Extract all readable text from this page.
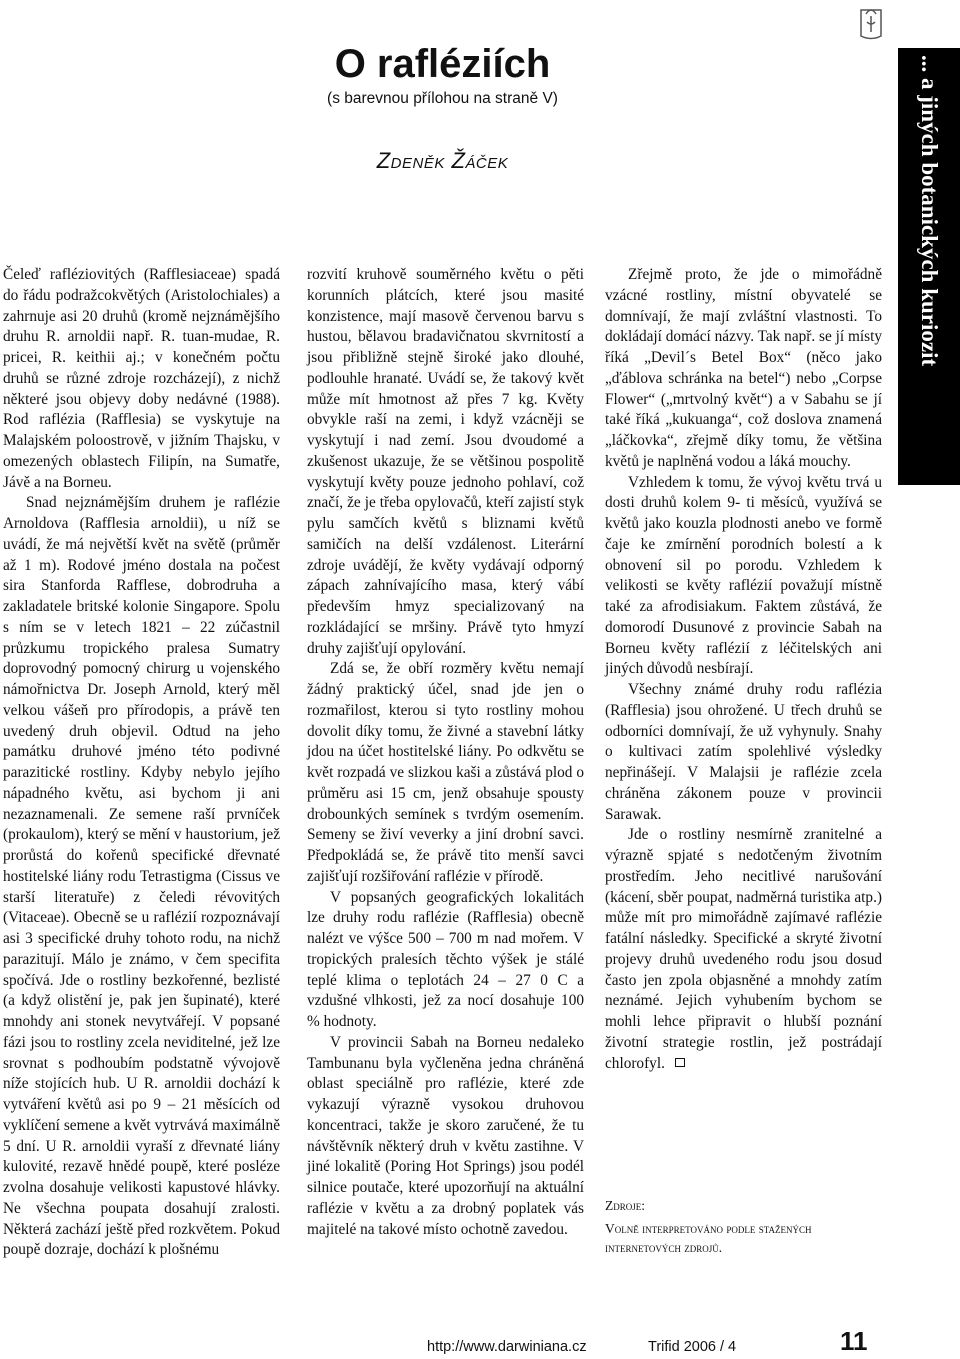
O rafléziích
(s barevnou přílohou na straně V)
Zdeněk Žáček	... a jiných botanických kuriozit

Čeleď rafléziovitých (Rafflesiaceae) spadá do řádu podražcokvětých (Aristolochiales) a zahrnuje asi 20 druhů (kromě nejznámějšího druhu R. arnoldii např. R. tuan-mudae, R. pricei, R. keithii aj.; v konečném počtu druhů se různé zdroje rozcházejí), z nichž některé jsou objevy doby nedávné (1988). Rod raflézia (Rafflesia) se vyskytuje na Malajském poloostrově, v jižním Thajsku, v omezených oblastech Filipín, na Sumatře, Jávě a na Borneu.

Snad nejznámějším druhem je raflézie Arnoldova (Rafflesia arnoldii), u níž se uvádí, že má největší květ na světě (průměr až 1 m). Rodové jméno dostala na počest sira Stanforda Rafflese, dobrodruha a zakladatele britské kolonie Singapore. Spolu s ním se v letech 1821 – 22 zúčastnil průzkumu tropického pralesa Sumatry doprovodný pomocný chirurg u vojenského námořnictva Dr. Joseph Arnold, který měl velkou vášeň pro přírodopis, a právě ten uvedený druh objevil. Odtud na jeho památku druhové jméno této podivné parazitické rostliny. Kdyby nebylo jejího nápadného květu, asi bychom ji ani nezaznamenali. Ze semene raší prvníček (prokaulom), který se mění v haustorium, jež prorůstá do kořenů specifické dřevnaté hostitelské liány rodu Tetrastigma (Cissus ve starší literatuře) z čeledi révovitých (Vitaceae). Obecně se u raflézií rozpoznávají asi 3 specifické druhy tohoto rodu, na nichž parazitují. Málo je známo, v čem specifita spočívá. Jde o rostliny bezkořenné, bezlisté (a když olistění je, pak jen šupinaté), které mnohdy ani stonek nevytvářejí. V popsané fázi jsou to rostliny zcela neviditelné, jež lze srovnat s podhoubím podstatně vývojově níže stojících hub. U R. arnoldii dochází k vytváření květů asi po 9 – 21 měsících od vyklíčení semene a květ vytrvává maximálně 5 dní. U R. arnoldii vyraší z dřevnaté liány kulovité, rezavě hnědé poupě, které posléze zvolna dosahuje velikosti kapustové hlávky. Ne všechna poupata dosahují zralosti. Některá zachází ještě před rozkvětem. Pokud poupě dozraje, dochází k plošnému

rozvití kruhově souměrného květu o pěti korunních plátcích, které jsou masité konzistence, mají masově červenou barvu s hustou, bělavou bradavičnatou skvrnitostí a jsou přibližně stejně široké jako dlouhé, podlouhle hranaté. Uvádí se, že takový květ může mít hmotnost až přes 7 kg. Květy obvykle raší na zemi, i když vzácněji se vyskytují i nad zemí. Jsou dvoudomé a zkušenost ukazuje, že se většinou pospolitě vyskytují květy pouze jednoho pohlaví, což značí, že je třeba opylovačů, kteří zajistí styk pylu samčích květů s bliznami květů samičích na delší vzdálenost. Literární zdroje uvádějí, že květy vydávají odporný zápach zahnívajícího masa, který vábí především hmyz specializovaný na rozkládající se mršiny. Právě tyto hmyzí druhy zajišťují opylování.

Zdá se, že obří rozměry květu nemají žádný praktický účel, snad jde jen o rozmařilost, kterou si tyto rostliny mohou dovolit díky tomu, že živné a stavební látky jdou na účet hostitelské liány. Po odkvětu se květ rozpadá ve slizkou kaši a zůstává plod o průměru asi 15 cm, jenž obsahuje spousty drobounkých semínek s tvrdým osemením. Semeny se živí veverky a jiní drobní savci. Předpokládá se, že právě tito menší savci zajišťují rozšiřování raflézie v přírodě.

V popsaných geografických lokalitách lze druhy rodu raflézie (Rafflesia) obecně nalézt ve výšce 500 – 700 m nad mořem. V tropických pralesích těchto výšek je stálé teplé klima o teplotách 24 – 27 0 C a vzdušné vlhkosti, jež za nocí dosahuje 100 % hodnoty.

V provincii Sabah na Borneu nedaleko Tambunanu byla vyčleněna jedna chráněná oblast speciálně pro raflézie, které zde vykazují výrazně vysokou druhovou koncentraci, takže je skoro zaručené, že tu návštěvník některý druh v květu zastihne. V jiné lokalitě (Poring Hot Springs) jsou podél silnice poutače, které upozorňují na aktuální raflézie v květu a za drobný poplatek vás majitelé na takové místo ochotně zavedou.

Zřejmě proto, že jde o mimořádně vzácné rostliny, místní obyvatelé se domnívají, že mají zvláštní vlastnosti. To dokládají domácí názvy. Tak např. se jí místy říká „Devil´s Betel Box“ (něco jako „ďáblova schránka na betel“) nebo „Corpse Flower“ („mrtvolný květ“) a v Sabahu se jí také říká „kukuanga“, což doslova znamená „láčkovka“, zřejmě díky tomu, že většina květů je naplněná vodou a láká mouchy.

Vzhledem k tomu, že vývoj květu trvá u dosti druhů kolem 9- ti měsíců, využívá se květů jako kouzla plodnosti anebo ve formě čaje ke zmírnění porodních bolestí a k obnovení sil po porodu. Vzhledem k velikosti se květy raflézií považují místně také za afrodisiakum. Faktem zůstává, že domorodí Dusunové z provincie Sabah na Borneu květy raflézií z léčitelských ani jiných důvodů nesbírají.

Všechny známé druhy rodu raflézia (Rafflesia) jsou ohrožené. U třech druhů se odborníci domnívají, že už vyhynuly. Snahy o kultivaci zatím spolehlivé výsledky nepřinášejí. V Malajsii je raflézie zcela chráněna zákonem pouze v provincii Sarawak.

Jde o rostliny nesmírně zranitelné a výrazně spjaté s nedotčeným životním prostředím. Jeho necitlivé narušování (kácení, sběr poupat, nadměrná turistika atp.) může mít pro mimořádně zajímavé raflézie fatální následky. Specifické a skryté životní projevy druhů uvedeného rodu jsou dosud často jen zpola objasněné a mnohdy zatím neznámé. Jejich vyhubením bychom se mohli lehce připravit o hlubší poznání životní strategie rostlin, jež postrádají chlorofyl.

Zdroje:
Volně interpretováno podle stažených internetových zdrojů.
http://www.darwiniana.cz	Trifid 2006 / 4	11
